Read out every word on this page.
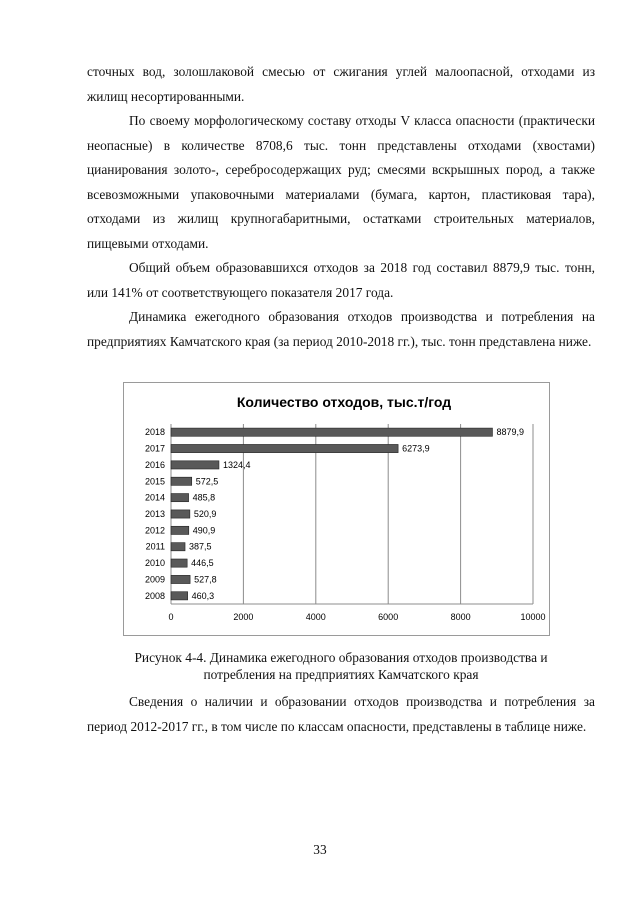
сточных вод, золошлаковой смесью от сжигания углей малоопасной, отходами из жилищ несортированными.

По своему морфологическому составу отходы V класса опасности (практически неопасные) в количестве 8708,6 тыс. тонн представлены отходами (хвостами) цианирования золото-, серебросодержащих руд; смесями вскрышных пород, а также всевозможными упаковочными материалами (бумага, картон, пластиковая тара), отходами из жилищ крупногабаритными, остатками строительных материалов, пищевыми отходами.

Общий объем образовавшихся отходов за 2018 год составил 8879,9 тыс. тонн, или 141% от соответствующего показателя 2017 года.

Динамика ежегодного образования отходов производства и потребления на предприятиях Камчатского края (за период 2010-2018 гг.), тыс. тонн представлена ниже.

Количество отходов, тыс.т/год
0	2000	4000	6000	8000	10000
2018	8879,9
2017	6273,9
2016	1324,4
2015	572,5
2014	485,8
2013	520,9
2012	490,9
2011	387,5
2010	446,5
2009	527,8
2008	460,3
Рисунок 4-4. Динамика ежегодного образования отходов производства и
потребления на предприятиях Камчатского края

Сведения о наличии и образовании отходов производства и потребления за период 2012-2017 гг., в том числе по классам опасности, представлены в таблице ниже.

33
